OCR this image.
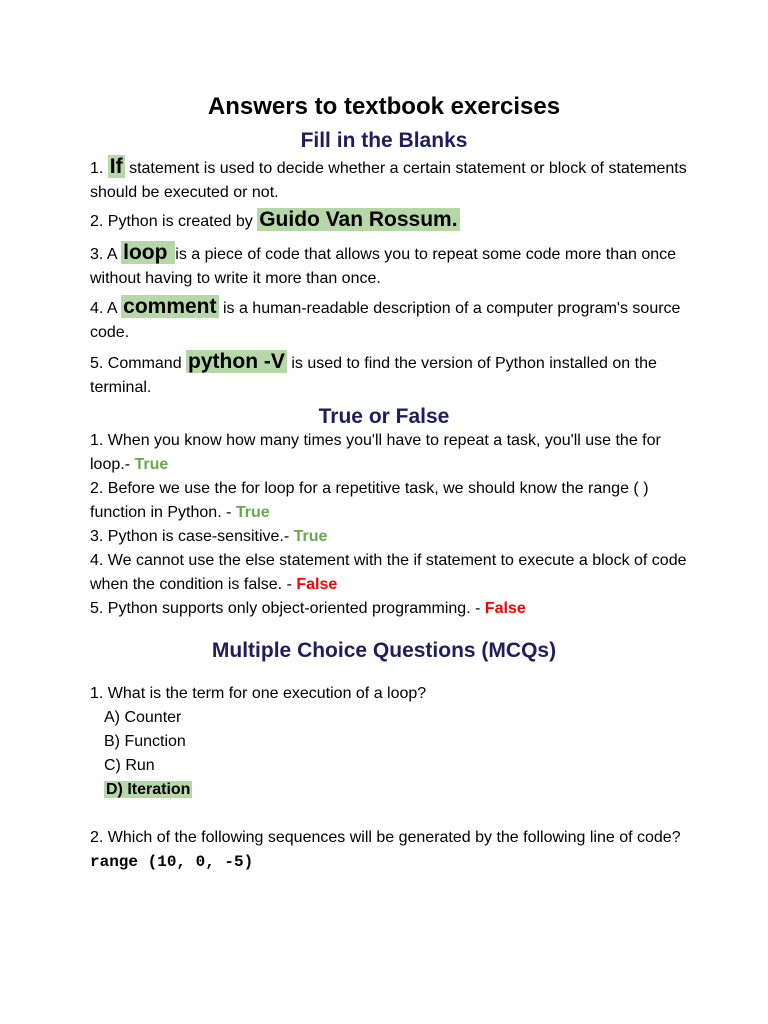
Answers to textbook exercises
Fill in the Blanks
1. If statement is used to decide whether a certain statement or block of statements should be executed or not.
2. Python is created by Guido Van Rossum.
3. A loop is a piece of code that allows you to repeat some code more than once without having to write it more than once.
4. A comment is a human-readable description of a computer program's source code.
5. Command python -V is used to find the version of Python installed on the terminal.
True or False
1. When you know how many times you'll have to repeat a task, you'll use the for loop.- True
2. Before we use the for loop for a repetitive task, we should know the range ( ) function in Python. - True
3. Python is case-sensitive.- True
4. We cannot use the else statement with the if statement to execute a block of code when the condition is false. - False
5. Python supports only object-oriented programming. - False
Multiple Choice Questions (MCQs)
1. What is the term for one execution of a loop?
A) Counter
B) Function
C) Run
D) Iteration
2. Which of the following sequences will be generated by the following line of code?
range (10, 0, -5)
